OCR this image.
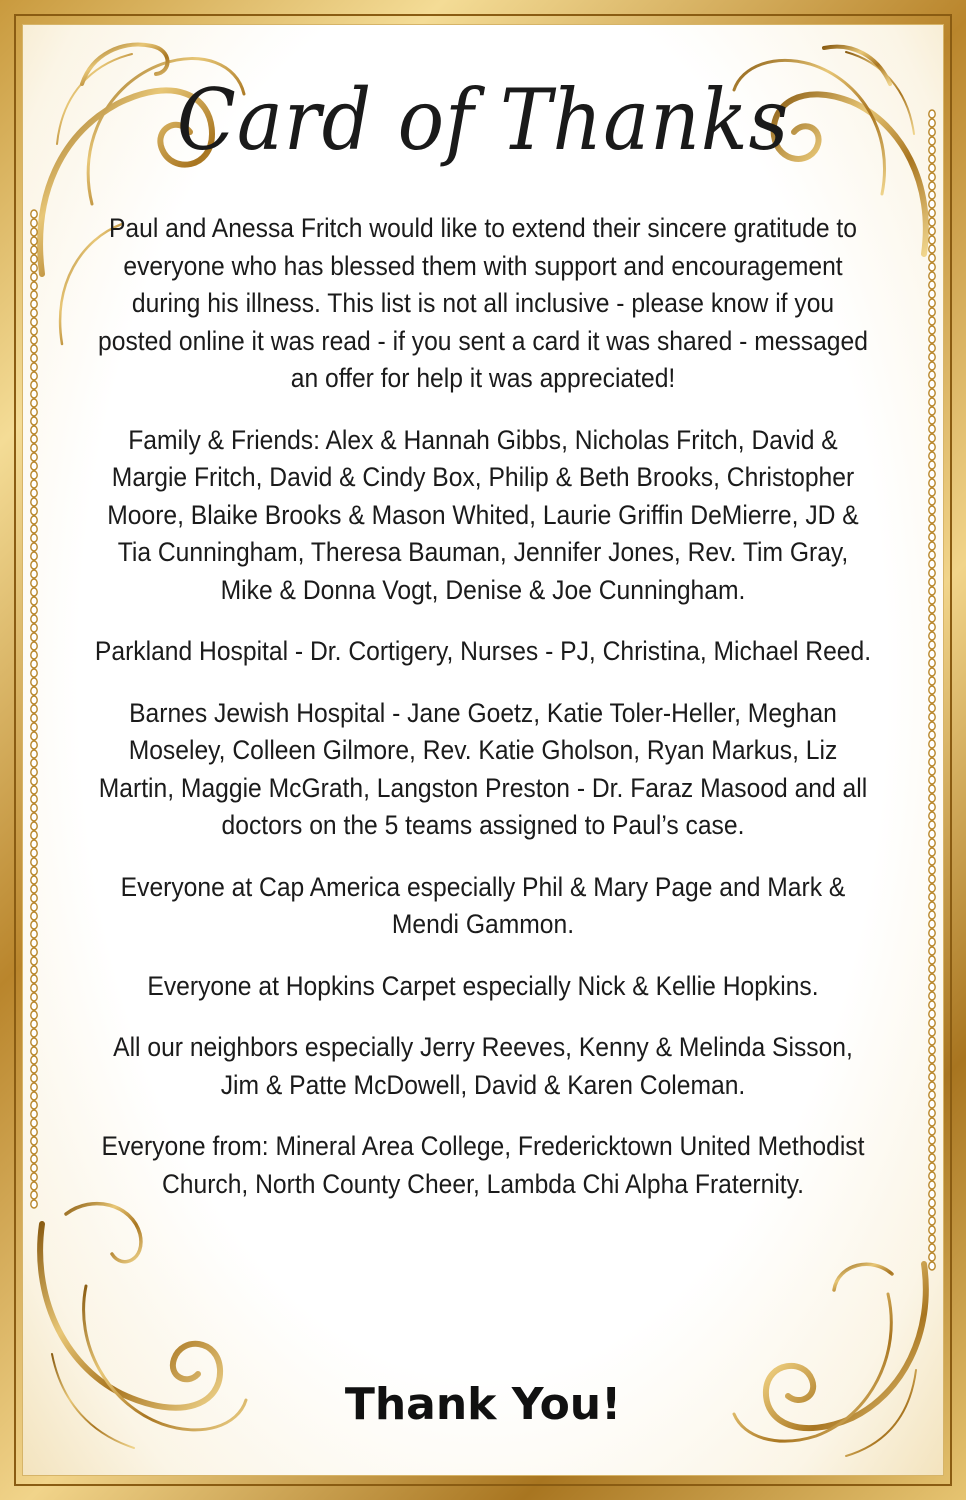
Card of Thanks

Paul and Anessa Fritch would like to extend their sincere gratitude to everyone who has blessed them with support and encouragement during his illness. This list is not all inclusive - please know if you posted online it was read - if you sent a card it was shared - messaged an offer for help it was appreciated!

Family & Friends: Alex & Hannah Gibbs, Nicholas Fritch, David & Margie Fritch, David & Cindy Box, Philip & Beth Brooks, Christopher Moore, Blaike Brooks & Mason Whited, Laurie Griffin DeMierre, JD & Tia Cunningham, Theresa Bauman, Jennifer Jones, Rev. Tim Gray, Mike & Donna Vogt, Denise & Joe Cunningham.

Parkland Hospital - Dr. Cortigery, Nurses - PJ, Christina, Michael Reed.

Barnes Jewish Hospital - Jane Goetz, Katie Toler-Heller, Meghan Moseley, Colleen Gilmore, Rev. Katie Gholson, Ryan Markus, Liz Martin, Maggie McGrath, Langston Preston - Dr. Faraz Masood and all doctors on the 5 teams assigned to Paul’s case.

Everyone at Cap America especially Phil & Mary Page and Mark & Mendi Gammon.

Everyone at Hopkins Carpet especially Nick & Kellie Hopkins.

All our neighbors especially Jerry Reeves, Kenny & Melinda Sisson, Jim & Patte McDowell, David & Karen Coleman.

Everyone from: Mineral Area College, Fredericktown United Methodist Church, North County Cheer, Lambda Chi Alpha Fraternity.

Thank You!
